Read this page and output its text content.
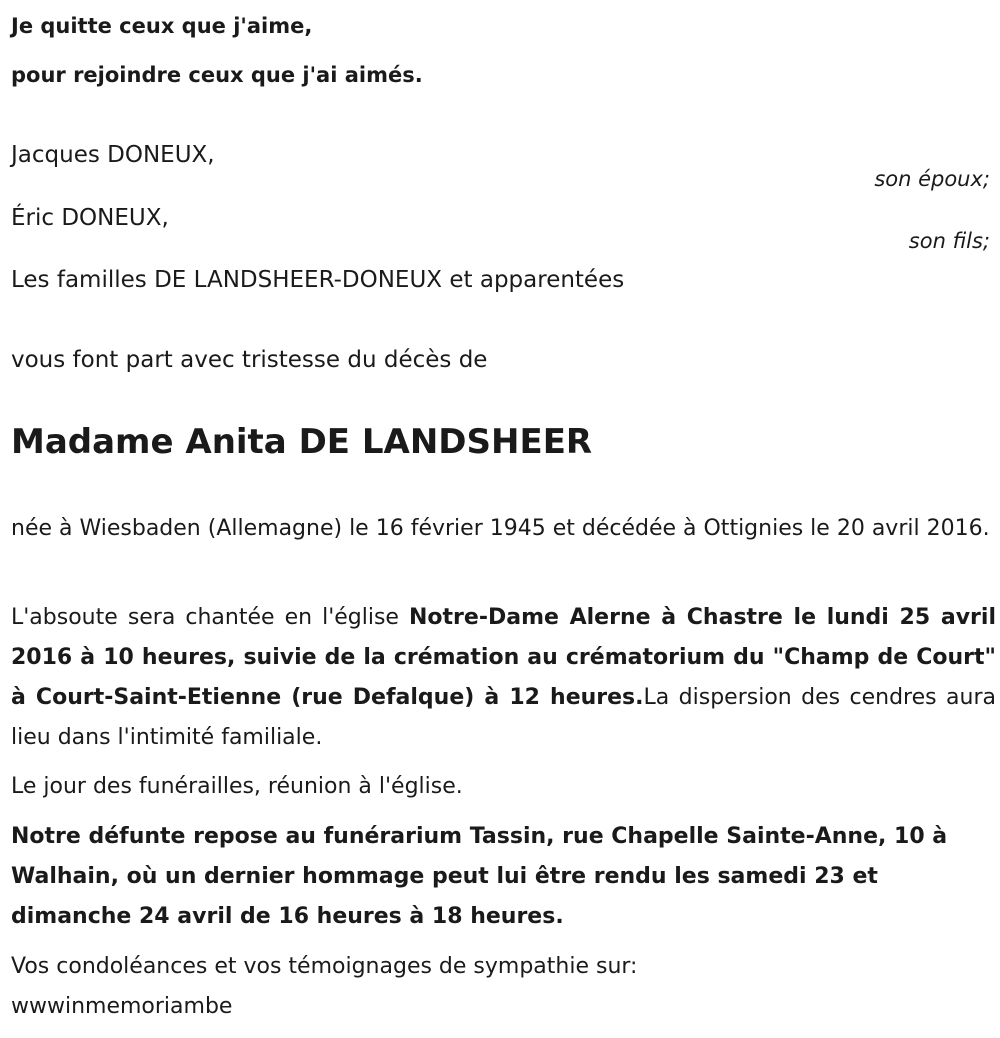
Je quitte ceux que j'aime,
pour rejoindre ceux que j'ai aimés.
Jacques DONEUX,
son époux;
Éric DONEUX,
son fils;
Les familles DE LANDSHEER-DONEUX et apparentées
vous font part avec tristesse du décès de
Madame Anita DE LANDSHEER
née à Wiesbaden (Allemagne) le 16 février 1945 et décédée à Ottignies le 20 avril 2016.
L'absoute sera chantée en l'église Notre-Dame Alerne à Chastre le lundi 25 avril 2016 à 10 heures, suivie de la crémation au crématorium du "Champ de Court" à Court-Saint-Etienne (rue Defalque) à 12 heures.La dispersion des cendres aura lieu dans l'intimité familiale.
Le jour des funérailles, réunion à l'église.
Notre défunte repose au funérarium Tassin, rue Chapelle Sainte-Anne, 10 à Walhain, où un dernier hommage peut lui être rendu les samedi 23 et dimanche 24 avril de 16 heures à 18 heures.
Vos condoléances et vos témoignages de sympathie sur:
wwwinmemoriambe
